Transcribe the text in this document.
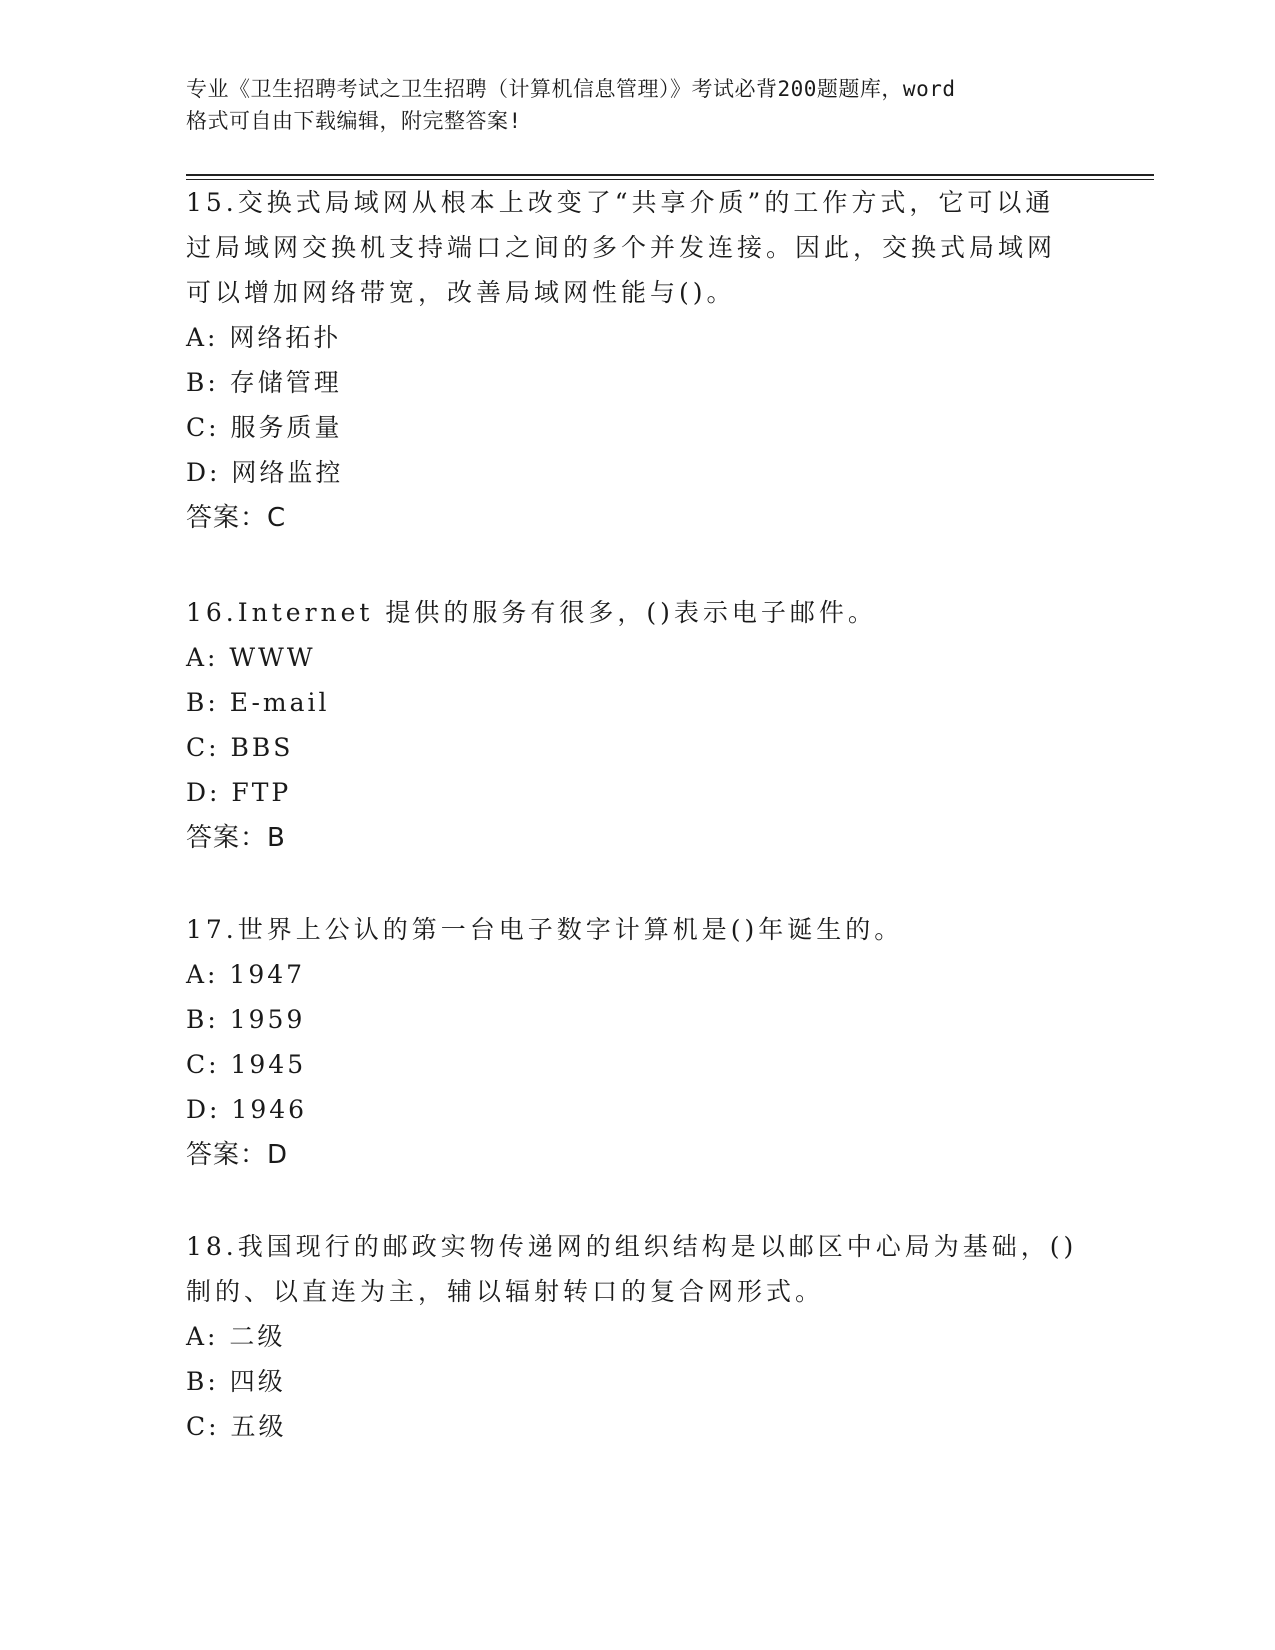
专业《卫生招聘考试之卫生招聘（计算机信息管理）》考试必背200题题库，word
格式可自由下载编辑，附完整答案!
15.交换式局域网从根本上改变了“共享介质”的工作方式，它可以通
过局域网交换机支持端口之间的多个并发连接。因此，交换式局域网
可以增加网络带宽，改善局域网性能与()。
A: 网络拓扑
B: 存储管理
C: 服务质量
D: 网络监控
答案：C
16.Internet 提供的服务有很多，()表示电子邮件。
A: WWW
B: E-mail
C: BBS
D: FTP
答案：B
17.世界上公认的第一台电子数字计算机是()年诞生的。
A: 1947
B: 1959
C: 1945
D: 1946
答案：D
18.我国现行的邮政实物传递网的组织结构是以邮区中心局为基础，()
制的、以直连为主，辅以辐射转口的复合网形式。
A: 二级
B: 四级
C: 五级
